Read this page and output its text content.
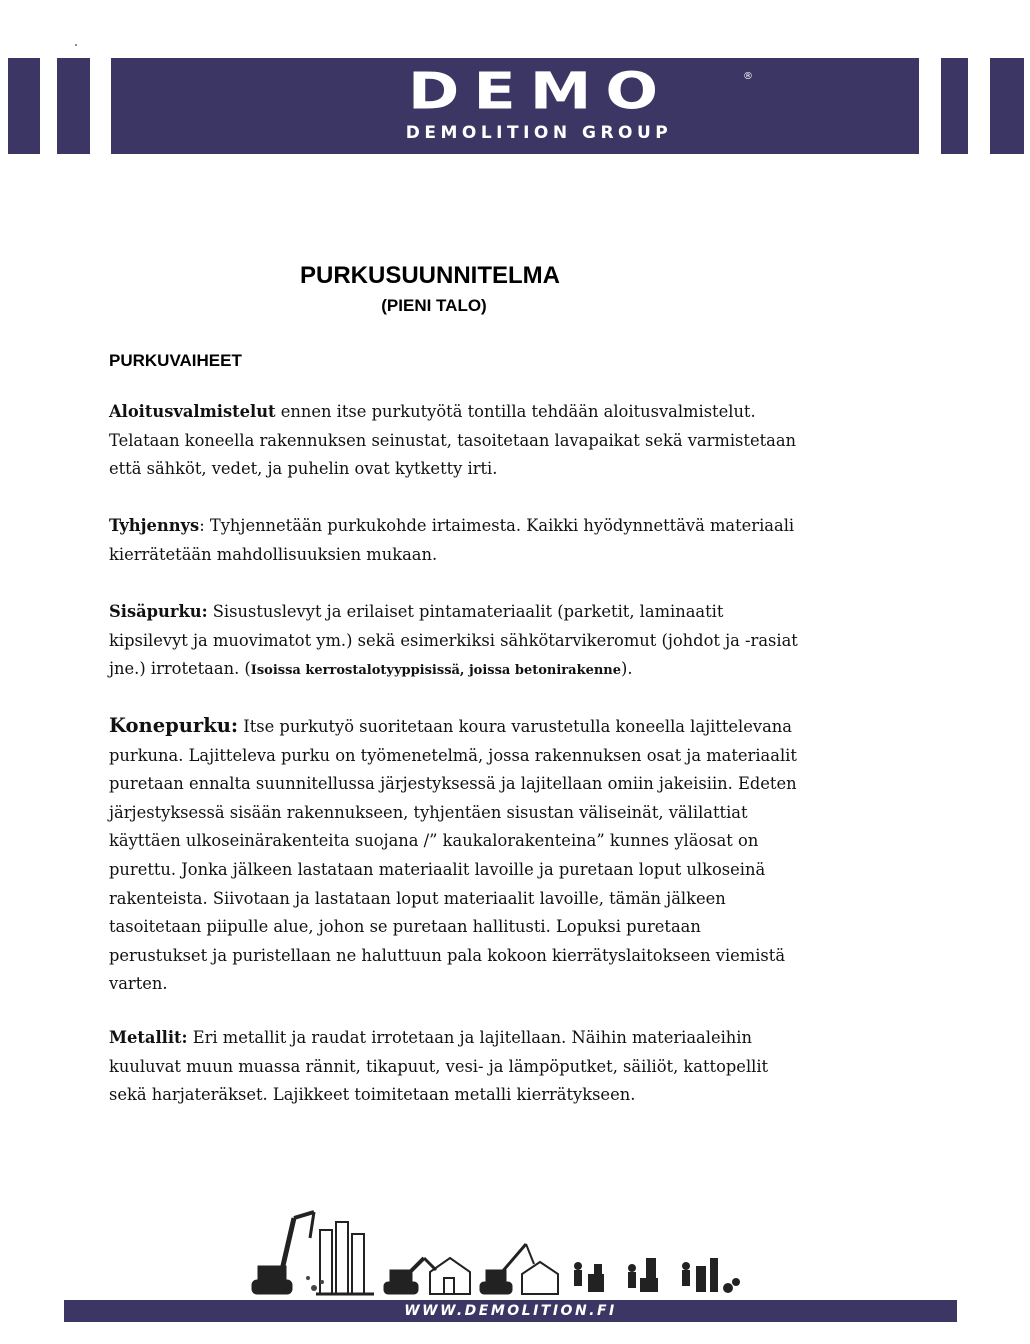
DEMO
DEMOLITION GROUP
®
PURKUSUUNNITELMA
(PIENI TALO)
PURKUVAIHEET
Aloitusvalmistelut ennen itse purkutyötä tontilla tehdään aloitusvalmistelut. Telataan koneella rakennuksen seinustat, tasoitetaan lavapaikat sekä varmistetaan että sähköt, vedet, ja puhelin ovat kytketty irti.
Tyhjennys: Tyhjennetään purkukohde irtaimesta. Kaikki hyödynnettävä materiaali kierrätetään mahdollisuuksien mukaan.
Sisäpurku: Sisustuslevyt ja erilaiset pintamateriaalit (parketit, laminaatit kipsilevyt ja muovimatot ym.) sekä esimerkiksi sähkötarvikeromut (johdot ja -rasiat jne.) irrotetaan. (Isoissa kerrostalotyyppisissä, joissa betonirakenne).
Konepurku: Itse purkutyö suoritetaan koura varustetulla koneella lajittelevana purkuna. Lajitteleva purku on työmenetelmä, jossa rakennuksen osat ja materiaalit puretaan ennalta suunnitellussa järjestyksessä ja lajitellaan omiin jakeisiin. Edeten järjestyksessä sisään rakennukseen, tyhjentäen sisustan väliseinät, välilattiat käyttäen ulkoseinärakenteita suojana /” kaukalorakenteina” kunnes yläosat on purettu. Jonka jälkeen lastataan materiaalit lavoille ja puretaan loput ulkoseinä rakenteista. Siivotaan ja lastataan loput materiaalit lavoille, tämän jälkeen tasoitetaan piipulle alue, johon se puretaan hallitusti. Lopuksi puretaan perustukset ja puristellaan ne haluttuun pala kokoon kierrätyslaitokseen viemistä varten.
Metallit: Eri metallit ja raudat irrotetaan ja lajitellaan. Näihin materiaaleihin kuuluvat muun muassa rännit, tikapuut, vesi- ja lämpöputket, säiliöt, kattopellit sekä harjateräkset. Lajikkeet toimitetaan metalli kierrätykseen.
WWW.DEMOLITION.FI
